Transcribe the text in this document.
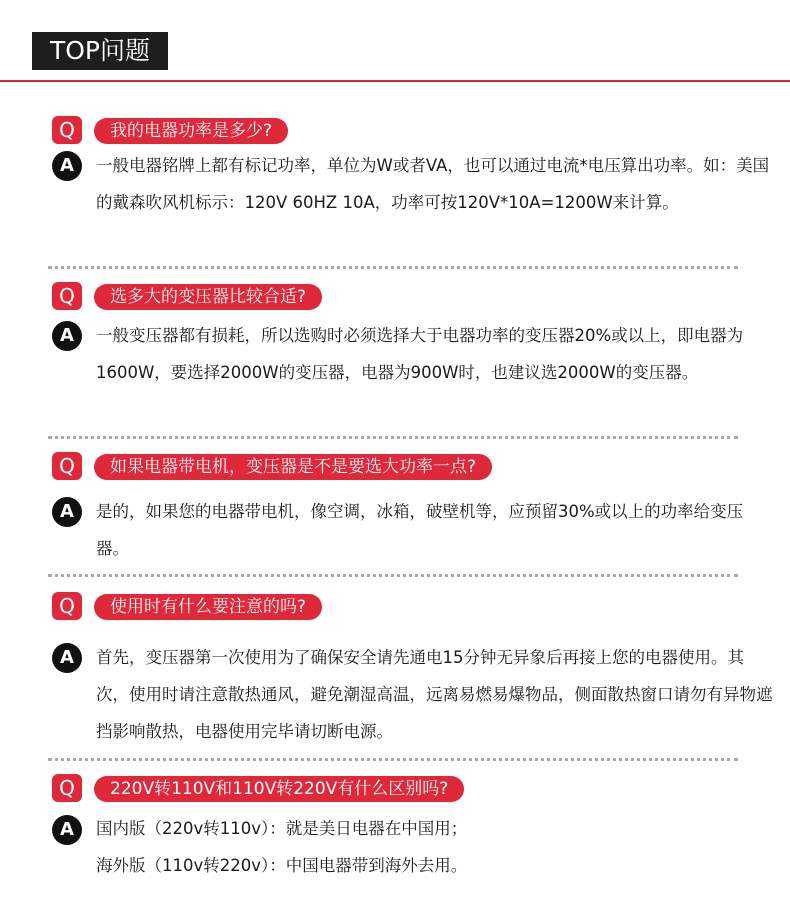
TOP问题
Q	我的电器功率是多少?
A	一般电器铭牌上都有标记功率，单位为W或者VA，也可以通过电流*电压算出功率。如：美国的戴森吹风机标示：120V 60HZ 10A，功率可按120V*10A=1200W来计算。
Q	选多大的变压器比较合适?
A	一般变压器都有损耗，所以选购时必须选择大于电器功率的变压器20%或以上，即电器为1600W，要选择2000W的变压器，电器为900W时，也建议选2000W的变压器。
Q	如果电器带电机，变压器是不是要选大功率一点?
A	是的，如果您的电器带电机，像空调，冰箱，破壁机等，应预留30%或以上的功率给变压器。
Q	使用时有什么要注意的吗?
A	首先，变压器第一次使用为了确保安全请先通电15分钟无异象后再接上您的电器使用。其次，使用时请注意散热通风，避免潮湿高温，远离易燃易爆物品，侧面散热窗口请勿有异物遮挡影响散热，电器使用完毕请切断电源。
Q	220V转110V和110V转220V有什么区别吗?
A	国内版（220v转110v）：就是美日电器在中国用；

海外版（110v转220v）：中国电器带到海外去用。
